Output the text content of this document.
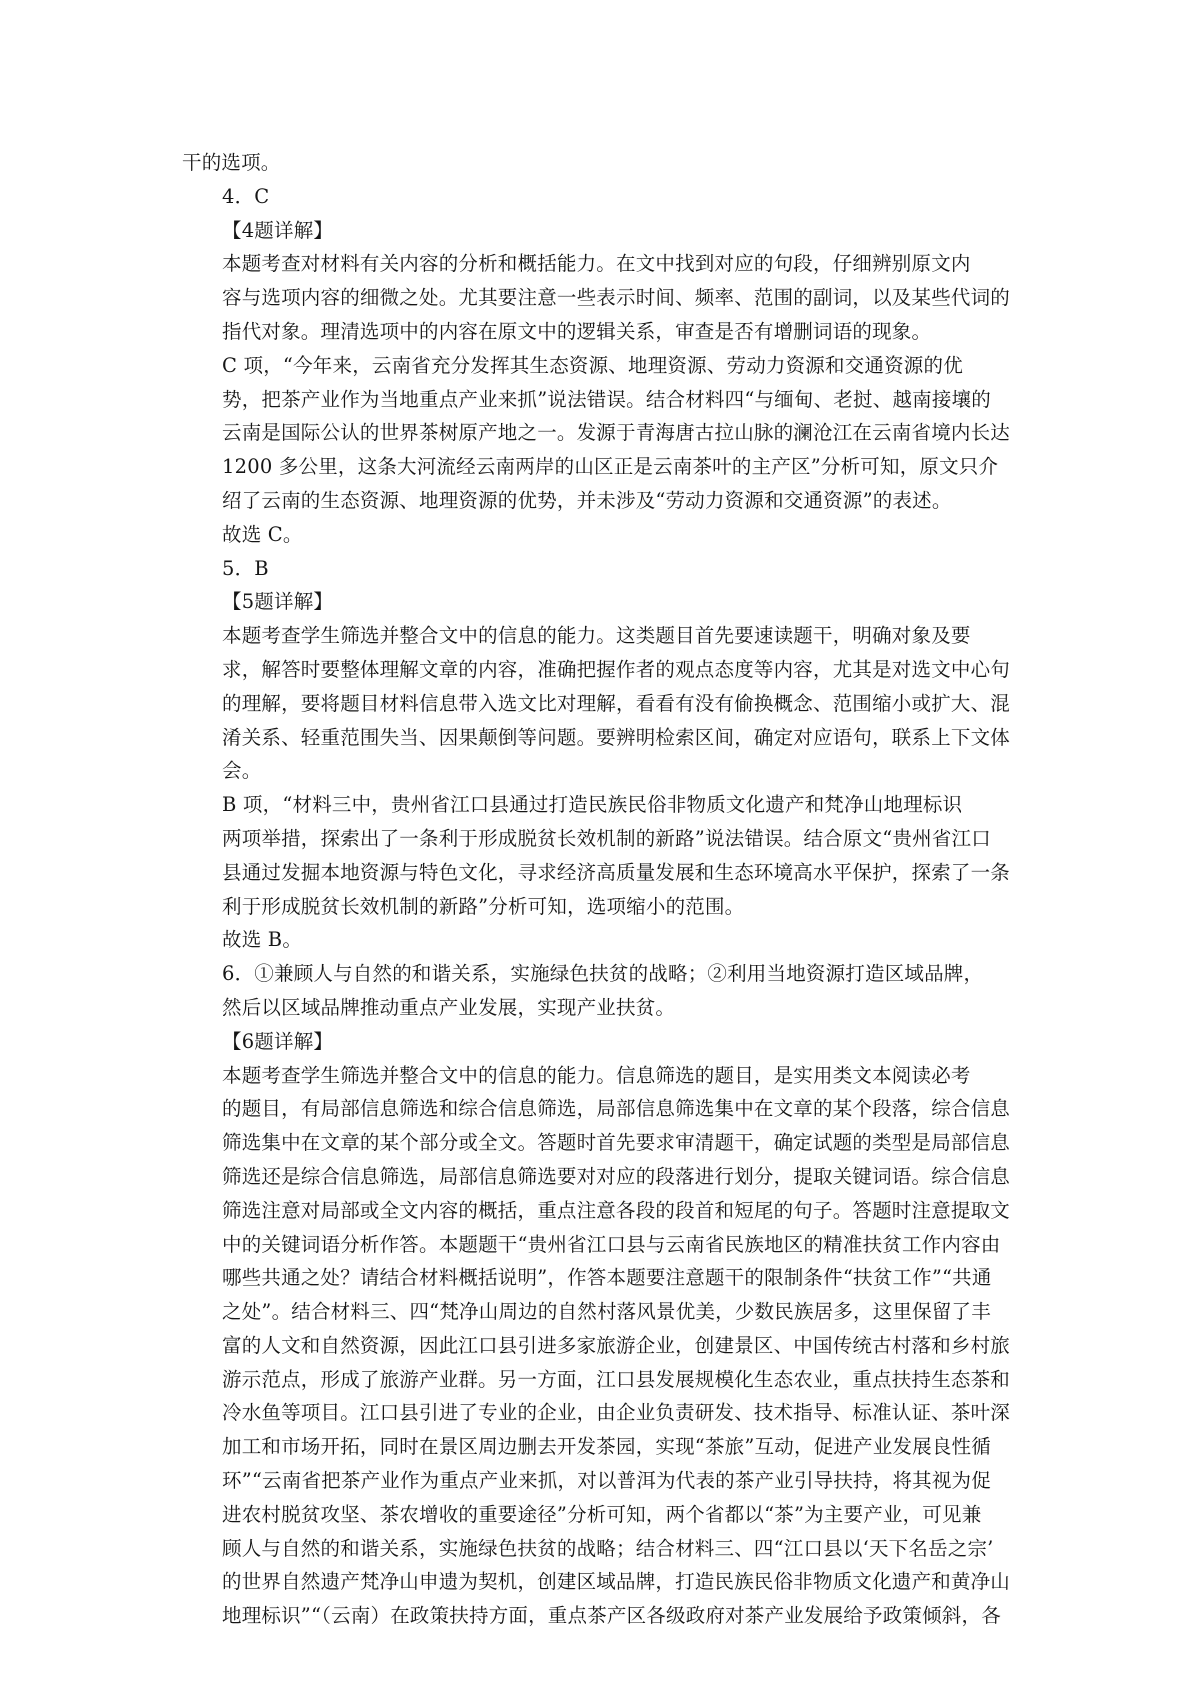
干的选项。
4．C
【4题详解】
本题考查对材料有关内容的分析和概括能力。在文中找到对应的句段，仔细辨别原文内
容与选项内容的细微之处。尤其要注意一些表示时间、频率、范围的副词，以及某些代词的
指代对象。理清选项中的内容在原文中的逻辑关系，审查是否有增删词语的现象。
C 项，“今年来，云南省充分发挥其生态资源、地理资源、劳动力资源和交通资源的优
势，把茶产业作为当地重点产业来抓”说法错误。结合材料四“与缅甸、老挝、越南接壤的
云南是国际公认的世界茶树原产地之一。发源于青海唐古拉山脉的澜沧江在云南省境内长达
1200 多公里，这条大河流经云南两岸的山区正是云南茶叶的主产区”分析可知，原文只介
绍了云南的生态资源、地理资源的优势，并未涉及“劳动力资源和交通资源”的表述。
故选 C。
5．B
【5题详解】
本题考查学生筛选并整合文中的信息的能力。这类题目首先要速读题干，明确对象及要
求，解答时要整体理解文章的内容，准确把握作者的观点态度等内容，尤其是对选文中心句
的理解，要将题目材料信息带入选文比对理解，看看有没有偷换概念、范围缩小或扩大、混
淆关系、轻重范围失当、因果颠倒等问题。要辨明检索区间，确定对应语句，联系上下文体
会。
B 项，“材料三中，贵州省江口县通过打造民族民俗非物质文化遗产和梵净山地理标识
两项举措，探索出了一条利于形成脱贫长效机制的新路”说法错误。结合原文“贵州省江口
县通过发掘本地资源与特色文化，寻求经济高质量发展和生态环境高水平保护，探索了一条
利于形成脱贫长效机制的新路”分析可知，选项缩小的范围。
故选 B。
6．①兼顾人与自然的和谐关系，实施绿色扶贫的战略；②利用当地资源打造区域品牌，
然后以区域品牌推动重点产业发展，实现产业扶贫。
【6题详解】
本题考查学生筛选并整合文中的信息的能力。信息筛选的题目，是实用类文本阅读必考
的题目，有局部信息筛选和综合信息筛选，局部信息筛选集中在文章的某个段落，综合信息
筛选集中在文章的某个部分或全文。答题时首先要求审清题干，确定试题的类型是局部信息
筛选还是综合信息筛选，局部信息筛选要对对应的段落进行划分，提取关键词语。综合信息
筛选注意对局部或全文内容的概括，重点注意各段的段首和短尾的句子。答题时注意提取文
中的关键词语分析作答。本题题干“贵州省江口县与云南省民族地区的精准扶贫工作内容由
哪些共通之处？请结合材料概括说明”，作答本题要注意题干的限制条件“扶贫工作”“共通
之处”。结合材料三、四“梵净山周边的自然村落风景优美，少数民族居多，这里保留了丰
富的人文和自然资源，因此江口县引进多家旅游企业，创建景区、中国传统古村落和乡村旅
游示范点，形成了旅游产业群。另一方面，江口县发展规模化生态农业，重点扶持生态茶和
冷水鱼等项目。江口县引进了专业的企业，由企业负责研发、技术指导、标准认证、茶叶深
加工和市场开拓，同时在景区周边删去开发茶园，实现“茶旅”互动，促进产业发展良性循
环”“云南省把茶产业作为重点产业来抓，对以普洱为代表的茶产业引导扶持，将其视为促
进农村脱贫攻坚、茶农增收的重要途径”分析可知，两个省都以“茶”为主要产业，可见兼
顾人与自然的和谐关系，实施绿色扶贫的战略；结合材料三、四“江口县以‘天下名岳之宗’
的世界自然遗产梵净山申遗为契机，创建区域品牌，打造民族民俗非物质文化遗产和黄净山
地理标识”“（云南）在政策扶持方面，重点茶产区各级政府对茶产业发展给予政策倾斜，各
